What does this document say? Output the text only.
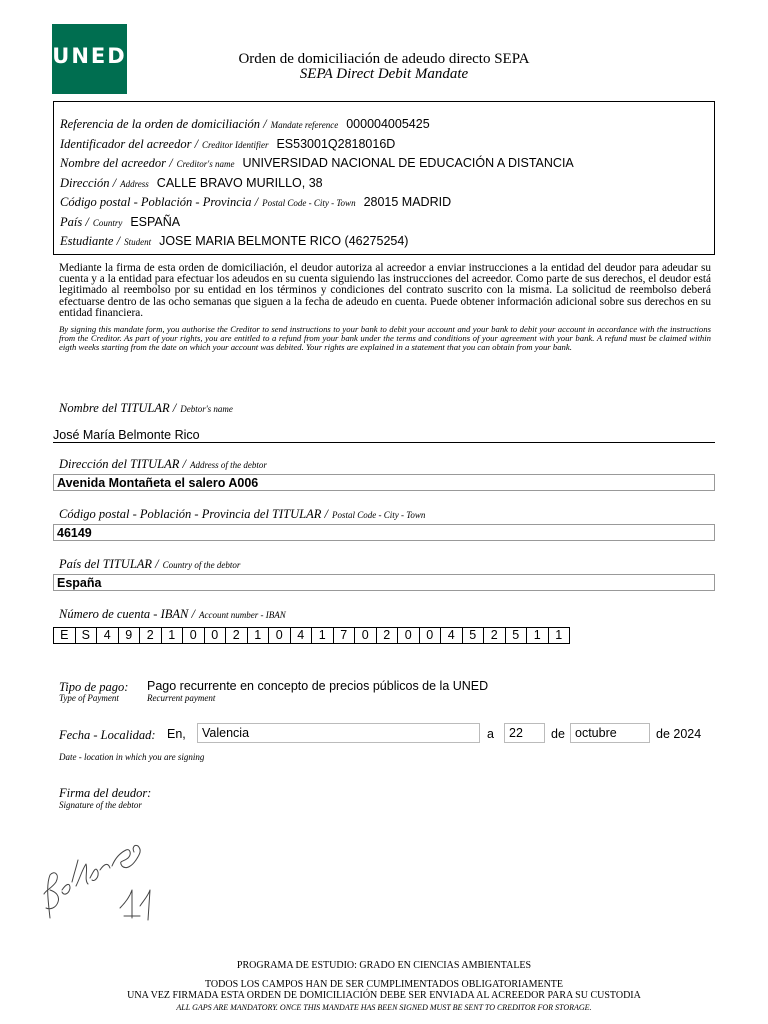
UNED	Orden de domiciliación de adeudo directo SEPA
SEPA Direct Debit Mandate
Referencia de la orden de domiciliación / Mandate reference 000004005425
Identificador del acreedor / Creditor Identifier ES53001Q2818016D
Nombre del acreedor / Creditor's name UNIVERSIDAD NACIONAL DE EDUCACIÓN A DISTANCIA
Dirección / Address CALLE BRAVO MURILLO, 38
Código postal - Población - Provincia / Postal Code - City - Town 28015 MADRID
País / Country ESPAÑA
Estudiante / Student JOSE MARIA BELMONTE RICO (46275254)
Mediante la firma de esta orden de domiciliación, el deudor autoriza al acreedor a enviar instrucciones a la entidad del deudor para adeudar su cuenta y a la entidad para efectuar los adeudos en su cuenta siguiendo las instrucciones del acreedor. Como parte de sus derechos, el deudor está legitimado al reembolso por su entidad en los términos y condiciones del contrato suscrito con la misma. La solicitud de reembolso deberá efectuarse dentro de las ocho semanas que siguen a la fecha de adeudo en cuenta. Puede obtener información adicional sobre sus derechos en su entidad financiera.
By signing this mandate form, you authorise the Creditor to send instructions to your bank to debit your account and your bank to debit your account in accordance with the instructions from the Creditor. As part of your rights, you are entitled to a refund from your bank under the terms and conditions of your agreement with your bank. A refund must be claimed within eigth weeks starting from the date on which your account was debited. Your rights are explained in a statement that you can obtain from your bank.
Nombre del TITULAR / Debtor's name
José María Belmonte Rico
Dirección del TITULAR / Address of the debtor
Avenida Montañeta el salero A006
Código postal - Población - Provincia del TITULAR / Postal Code - City - Town
46149
País del TITULAR / Country of the debtor
España
Número de cuenta - IBAN / Account number - IBAN
E	S	4	9	2	1	0	0	2	1	0	4	1	7	0	2	0	0	4	5	2	5	1	1
Tipo de pago:
Type of Payment
Pago recurrente en concepto de precios públicos de la UNED
Recurrent payment
Fecha - Localidad: En, Valencia	a 22 de octubre	de 2024
Date - location in which you are signing
Firma del deudor:
Signature of the debtor
PROGRAMA DE ESTUDIO: GRADO EN CIENCIAS AMBIENTALES
TODOS LOS CAMPOS HAN DE SER CUMPLIMENTADOS OBLIGATORIAMENTE
UNA VEZ FIRMADA ESTA ORDEN DE DOMICILIACIÓN DEBE SER ENVIADA AL ACREEDOR PARA SU CUSTODIA
ALL GAPS ARE MANDATORY. ONCE THIS MANDATE HAS BEEN SIGNED MUST BE SENT TO CREDITOR FOR STORAGE.
